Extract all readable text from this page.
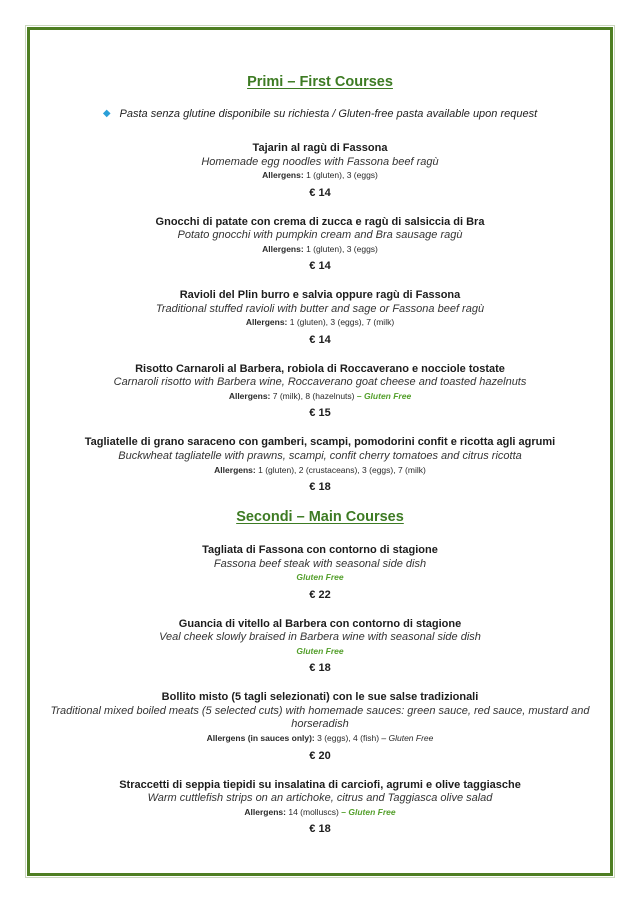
Primi – First Courses
◆ Pasta senza glutine disponibile su richiesta / Gluten-free pasta available upon request
Tajarin al ragù di Fassona
Homemade egg noodles with Fassona beef ragù
Allergens: 1 (gluten), 3 (eggs)
€ 14
Gnocchi di patate con crema di zucca e ragù di salsiccia di Bra
Potato gnocchi with pumpkin cream and Bra sausage ragù
Allergens: 1 (gluten), 3 (eggs)
€ 14
Ravioli del Plin burro e salvia oppure ragù di Fassona
Traditional stuffed ravioli with butter and sage or Fassona beef ragù
Allergens: 1 (gluten), 3 (eggs), 7 (milk)
€ 14
Risotto Carnaroli al Barbera, robiola di Roccaverano e nocciole tostate
Carnaroli risotto with Barbera wine, Roccaverano goat cheese and toasted hazelnuts
Allergens: 7 (milk), 8 (hazelnuts) – Gluten Free
€ 15
Tagliatelle di grano saraceno con gamberi, scampi, pomodorini confit e ricotta agli agrumi
Buckwheat tagliatelle with prawns, scampi, confit cherry tomatoes and citrus ricotta
Allergens: 1 (gluten), 2 (crustaceans), 3 (eggs), 7 (milk)
€ 18
Secondi – Main Courses
Tagliata di Fassona con contorno di stagione
Fassona beef steak with seasonal side dish
Gluten Free
€ 22
Guancia di vitello al Barbera con contorno di stagione
Veal cheek slowly braised in Barbera wine with seasonal side dish
Gluten Free
€ 18
Bollito misto (5 tagli selezionati) con le sue salse tradizionali
Traditional mixed boiled meats (5 selected cuts) with homemade sauces: green sauce, red sauce, mustard and horseradish
Allergens (in sauces only): 3 (eggs), 4 (fish) – Gluten Free
€ 20
Straccetti di seppia tiepidi su insalatina di carciofi, agrumi e olive taggiasche
Warm cuttlefish strips on an artichoke, citrus and Taggiasca olive salad
Allergens: 14 (molluscs) – Gluten Free
€ 18
